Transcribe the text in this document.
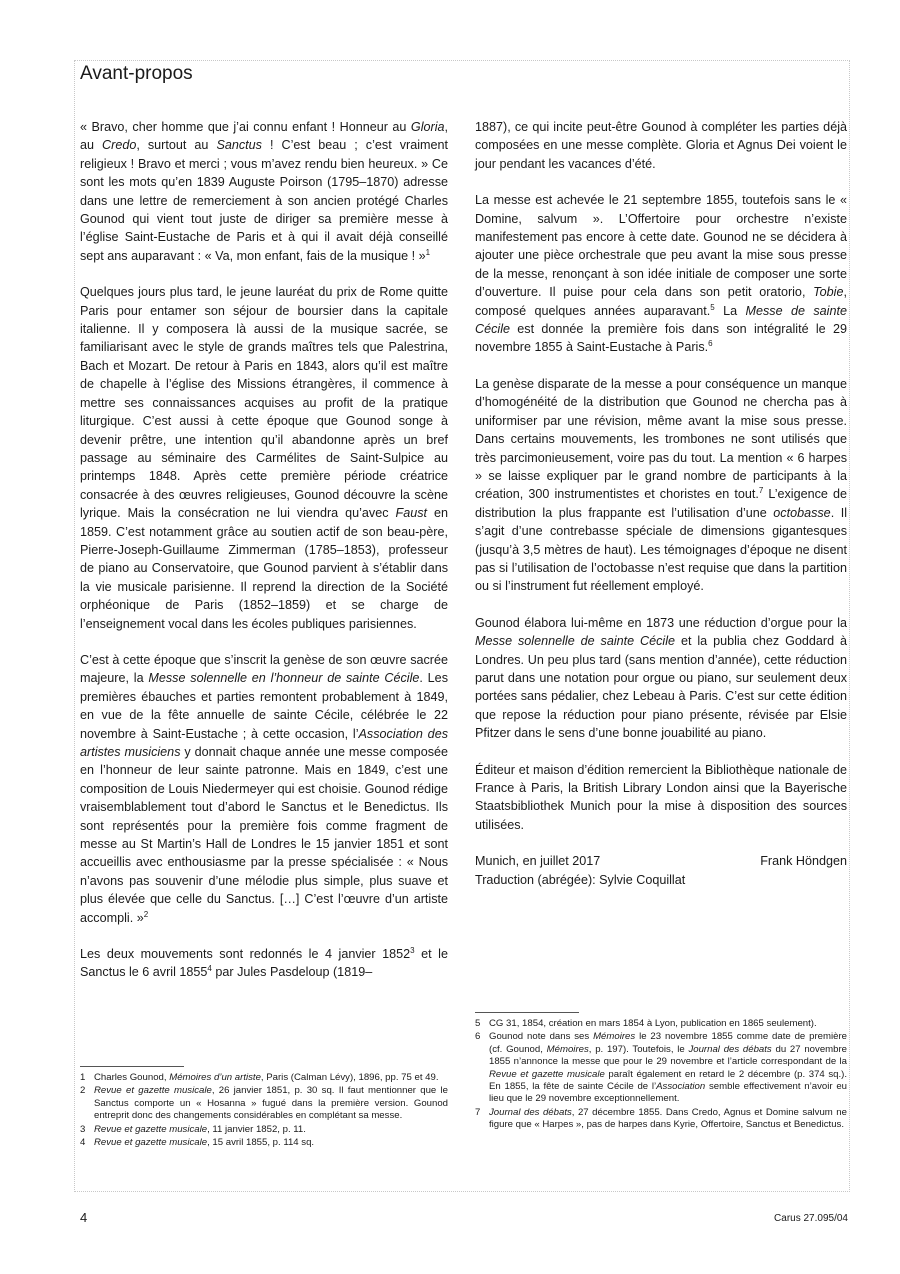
Avant-propos

« Bravo, cher homme que j’ai connu enfant ! Honneur au Gloria, au Credo, surtout au Sanctus ! C’est beau ; c’est vraiment religieux ! Bravo et merci ; vous m’avez rendu bien heureux. » Ce sont les mots qu’en 1839 Auguste Poirson (1795–1870) adresse dans une lettre de remerciement à son ancien protégé Charles Gounod qui vient tout juste de diriger sa première messe à l’église Saint-Eustache de Paris et à qui il avait déjà conseillé sept ans auparavant : « Va, mon enfant, fais de la musique ! »$^1$

Quelques jours plus tard, le jeune lauréat du prix de Rome quitte Paris pour entamer son séjour de boursier dans la capitale italienne. Il y composera là aussi de la musique sacrée, se familiarisant avec le style de grands maîtres tels que Palestrina, Bach et Mozart. De retour à Paris en 1843, alors qu’il est maître de chapelle à l’église des Missions étrangères, il commence à mettre ses connaissances acquises au profit de la pratique liturgique. C’est aussi à cette époque que Gounod songe à devenir prêtre, une intention qu’il abandonne après un bref passage au séminaire des Carmélites de Saint-Sulpice au printemps 1848. Après cette première période créatrice consacrée à des œuvres religieuses, Gounod découvre la scène lyrique. Mais la consécration ne lui viendra qu’avec Faust en 1859. C’est notamment grâce au soutien actif de son beau-père, Pierre-Joseph-Guillaume Zimmerman (1785–1853), professeur de piano au Conservatoire, que Gounod parvient à s’établir dans la vie musicale parisienne. Il reprend la direction de la Société orphéonique de Paris (1852–1859) et se charge de l’enseignement vocal dans les écoles publiques parisiennes.

C’est à cette époque que s’inscrit la genèse de son œuvre sacrée majeure, la Messe solennelle en l’honneur de sainte Cécile. Les premières ébauches et parties remontent probablement à 1849, en vue de la fête annuelle de sainte Cécile, célébrée le 22 novembre à Saint-Eustache ; à cette occasion, l’Association des artistes musiciens y donnait chaque année une messe composée en l’honneur de leur sainte patronne. Mais en 1849, c’est une composition de Louis Niedermeyer qui est choisie. Gounod rédige vraisemblablement tout d’abord le Sanctus et le Benedictus. Ils sont représentés pour la première fois comme fragment de messe au St Martin’s Hall de Londres le 15 janvier 1851 et sont accueillis avec enthousiasme par la presse spécialisée : « Nous n’avons pas souvenir d’une mélodie plus simple, plus suave et plus élevée que celle du Sanctus. […] C’est l’œuvre d’un artiste accompli. »$^2$

Les deux mouvements sont redonnés le 4 janvier 1852$^3$ et le Sanctus le 6 avril 1855$^4$ par Jules Pasdeloup (1819–

1887), ce qui incite peut-être Gounod à compléter les parties déjà composées en une messe complète. Gloria et Agnus Dei voient le jour pendant les vacances d’été.

La messe est achevée le 21 septembre 1855, toutefois sans le « Domine, salvum ». L’Offertoire pour orchestre n’existe manifestement pas encore à cette date. Gounod ne se décidera à ajouter une pièce orchestrale que peu avant la mise sous presse de la messe, renonçant à son idée initiale de composer une sorte d’ouverture. Il puise pour cela dans son petit oratorio, Tobie, composé quelques années auparavant.$^5$ La Messe de sainte Cécile est donnée la première fois dans son intégralité le 29 novembre 1855 à Saint-Eustache à Paris.$^6$

La genèse disparate de la messe a pour conséquence un manque d’homogénéité de la distribution que Gounod ne chercha pas à uniformiser par une révision, même avant la mise sous presse. Dans certains mouvements, les trombones ne sont utilisés que très parcimonieusement, voire pas du tout. La mention « 6 harpes » se laisse expliquer par le grand nombre de participants à la création, 300 instrumentistes et choristes en tout.$^7$ L’exigence de distribution la plus frappante est l’utilisation d’une octobasse. Il s’agit d’une contrebasse spéciale de dimensions gigantesques (jusqu’à 3,5 mètres de haut). Les témoignages d’époque ne disent pas si l’utilisation de l’octobasse n’est requise que dans la partition ou si l’instrument fut réellement employé.

Gounod élabora lui-même en 1873 une réduction d’orgue pour la Messe solennelle de sainte Cécile et la publia chez Goddard à Londres. Un peu plus tard (sans mention d’année), cette réduction parut dans une notation pour orgue ou piano, sur seulement deux portées sans pédalier, chez Lebeau à Paris. C’est sur cette édition que repose la réduction pour piano présente, révisée par Elsie Pfitzer dans le sens d’une bonne jouabilité au piano.

Éditeur et maison d’édition remercient la Bibliothèque nationale de France à Paris, la British Library London ainsi que la Bayerische Staatsbibliothek Munich pour la mise à disposition des sources utilisées.

Munich, en juillet 2017	Frank Höndgen
Traduction (abrégée): Sylvie Coquillat
1 Charles Gounod, Mémoires d’un artiste, Paris (Calman Lévy), 1896, pp. 75 et 49.
2 Revue et gazette musicale, 26 janvier 1851, p. 30 sq. Il faut mentionner que le Sanctus comporte un « Hosanna » fugué dans la première version. Gounod entreprit donc des changements considérables en complétant sa messe.
3 Revue et gazette musicale, 11 janvier 1852, p. 11.
4 Revue et gazette musicale, 15 avril 1855, p. 114 sq.
5 CG 31, 1854, création en mars 1854 à Lyon, publication en 1865 seulement).
6 Gounod note dans ses Mémoires le 23 novembre 1855 comme date de première (cf. Gounod, Mémoires, p. 197). Toutefois, le Journal des débats du 27 novembre 1855 n’annonce la messe que pour le 29 novembre et l’article correspondant de la Revue et gazette musicale paraît également en retard le 2 décembre (p. 374 sq.). En 1855, la fête de sainte Cécile de l’Association semble effectivement n’avoir eu lieu que le 29 novembre exceptionnellement.
7 Journal des débats, 27 décembre 1855. Dans Credo, Agnus et Domine salvum ne figure que « Harpes », pas de harpes dans Kyrie, Offertoire, Sanctus et Benedictus.
4	Carus 27.095/04
